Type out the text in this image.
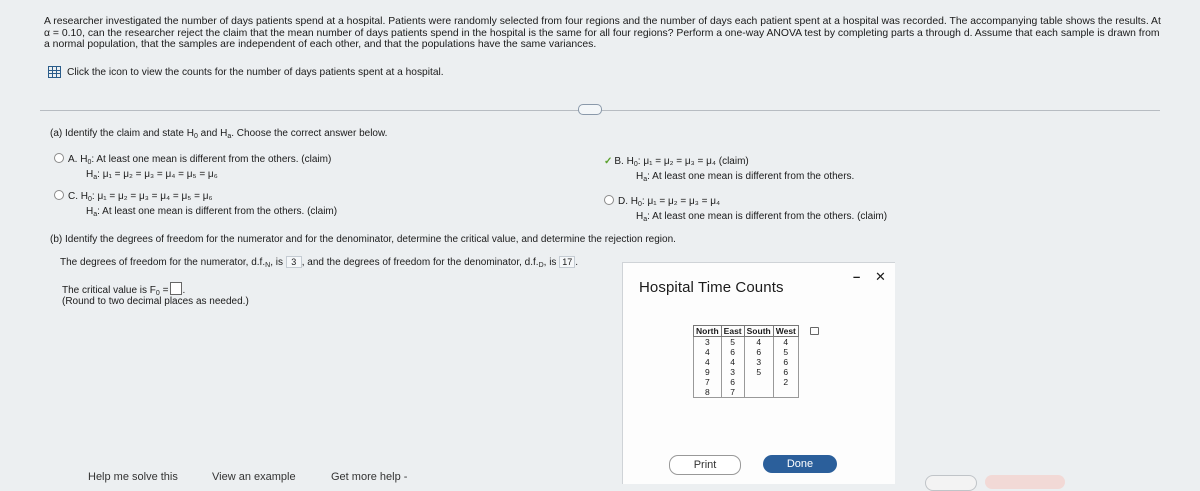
A researcher investigated the number of days patients spend at a hospital. Patients were randomly selected from four regions and the number of days each patient spent at a hospital was recorded. The accompanying table shows the results. At α = 0.10, can the researcher reject the claim that the mean number of days patients spend in the hospital is the same for all four regions? Perform a one-way ANOVA test by completing parts a through d. Assume that each sample is drawn from a normal population, that the samples are independent of each other, and that the populations have the same variances.
Click the icon to view the counts for the number of days patients spent at a hospital.
(a) Identify the claim and state $H_0$ and $H_a$. Choose the correct answer below.
A. $H_0$: At least one mean is different from the others. (claim)
$H_a$: μ₁ = μ₂ = μ₃ = μ₄ = μ₅ = μ₆
C. $H_0$: μ₁ = μ₂ = μ₃ = μ₄ = μ₅ = μ₆
$H_a$: At least one mean is different from the others. (claim)
✓ B. $H_0$: μ₁ = μ₂ = μ₃ = μ₄ (claim)
$H_a$: At least one mean is different from the others.
D. $H_0$: μ₁ = μ₂ = μ₃ = μ₄
$H_a$: At least one mean is different from the others. (claim)
(b) Identify the degrees of freedom for the numerator and for the denominator, determine the critical value, and determine the rejection region.
The degrees of freedom for the numerator, $d.f._N$, is 3 , and the degrees of freedom for the denominator, $d.f._D$, is 17 .
The critical value is $F_0$ = .
(Round to two decimal places as needed.)
Hospital Time Counts
– ✕
North	East	South	West
3	5	4	4
4	6	6	5
4	4	3	6
9	3	5	6
7	6		2
8	7		
Print	Done
Help me solve this	View an example	Get more help -
